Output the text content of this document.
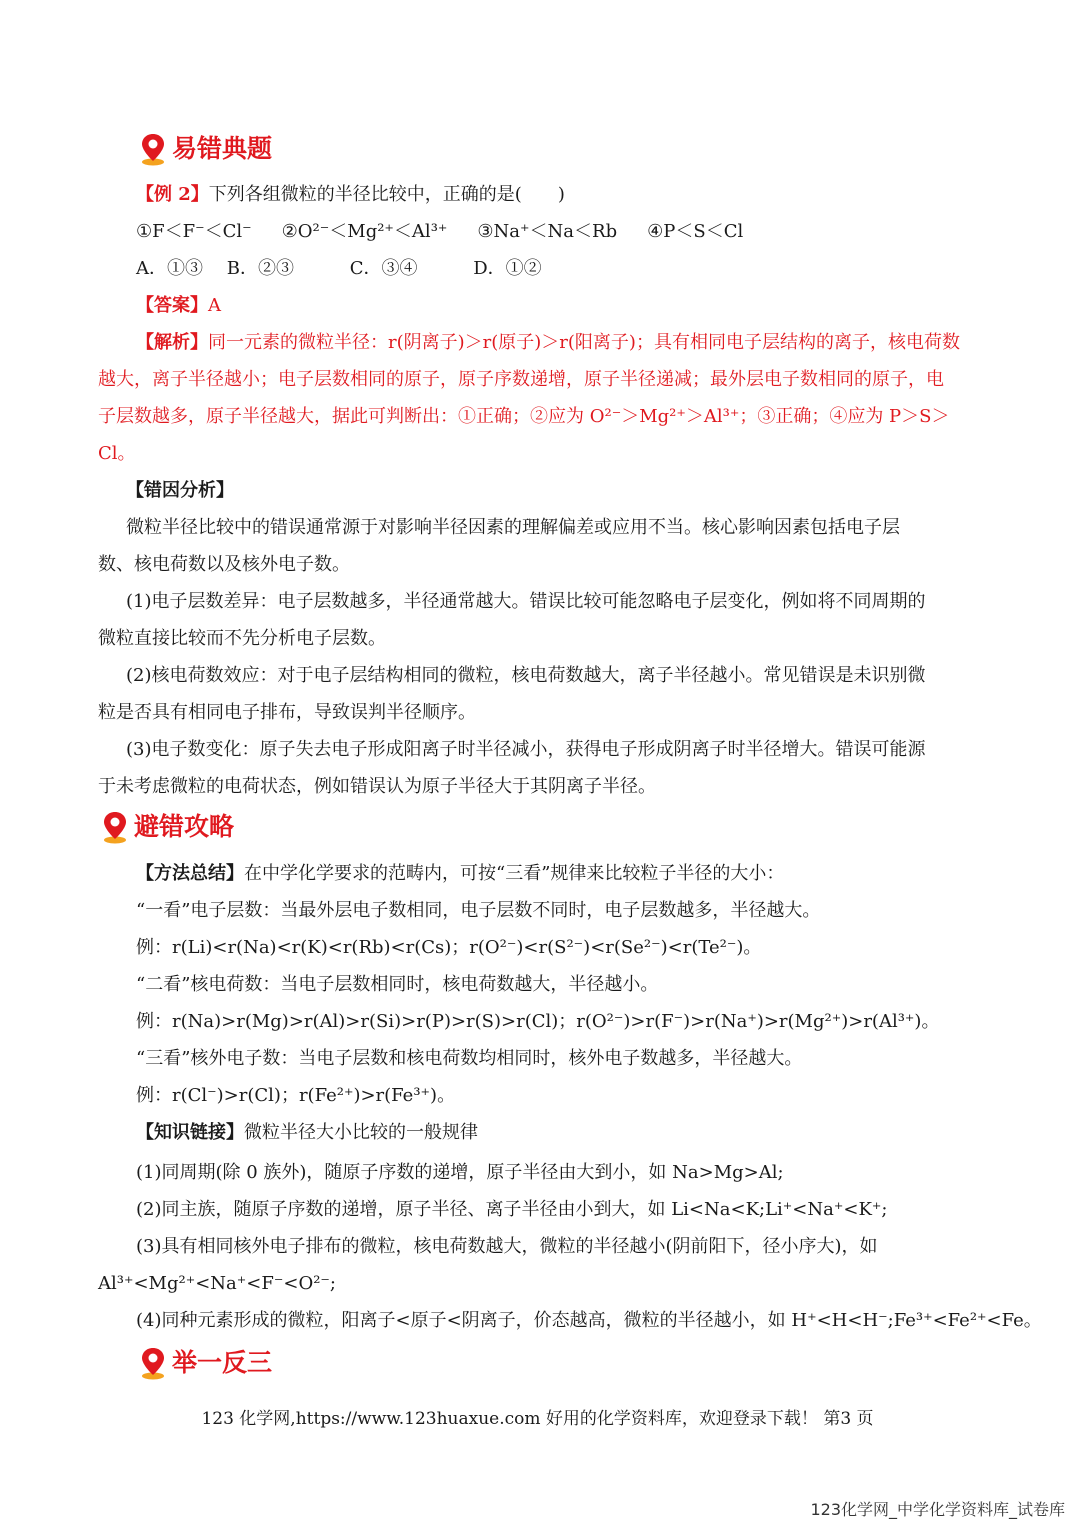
易错典题
【例 2】下列各组微粒的半径比较中，正确的是(　　)
①F＜F⁻＜Cl⁻ ②O²⁻＜Mg²⁺＜Al³⁺ ③Na⁺＜Na＜Rb ④P＜S＜Cl
A．①③ B．②③	C．③④	D．①②
【答案】A
【解析】同一元素的微粒半径：r(阴离子)＞r(原子)＞r(阳离子)；具有相同电子层结构的离子，核电荷数
越大，离子半径越小；电子层数相同的原子，原子序数递增，原子半径递减；最外层电子数相同的原子，电
子层数越多，原子半径越大，据此可判断出：①正确；②应为 O²⁻＞Mg²⁺＞Al³⁺；③正确；④应为 P＞S＞
Cl。
【错因分析】
微粒半径比较中的错误通常源于对影响半径因素的理解偏差或应用不当。核心影响因素包括电子层
数、核电荷数以及核外电子数。
(1)电子层数差异：电子层数越多，半径通常越大。错误比较可能忽略电子层变化，例如将不同周期的
微粒直接比较而不先分析电子层数。
(2)核电荷数效应：对于电子层结构相同的微粒，核电荷数越大，离子半径越小。常见错误是未识别微
粒是否具有相同电子排布，导致误判半径顺序。
(3)电子数变化：原子失去电子形成阳离子时半径减小，获得电子形成阴离子时半径增大。错误可能源
于未考虑微粒的电荷状态，例如错误认为原子半径大于其阴离子半径。
避错攻略
【方法总结】在中学化学要求的范畴内，可按“三看”规律来比较粒子半径的大小：
“一看”电子层数：当最外层电子数相同，电子层数不同时，电子层数越多，半径越大。
例：r(Li)<r(Na)<r(K)<r(Rb)<r(Cs)；r(O²⁻)<r(S²⁻)<r(Se²⁻)<r(Te²⁻)。
“二看”核电荷数：当电子层数相同时，核电荷数越大，半径越小。
例：r(Na)>r(Mg)>r(Al)>r(Si)>r(P)>r(S)>r(Cl)；r(O²⁻)>r(F⁻)>r(Na⁺)>r(Mg²⁺)>r(Al³⁺)。
“三看”核外电子数：当电子层数和核电荷数均相同时，核外电子数越多，半径越大。
例：r(Cl⁻)>r(Cl)；r(Fe²⁺)>r(Fe³⁺)。
【知识链接】微粒半径大小比较的一般规律
(1)同周期(除 0 族外)，随原子序数的递增，原子半径由大到小，如 Na>Mg>Al;
(2)同主族，随原子序数的递增，原子半径、离子半径由小到大，如 Li<Na<K;Li⁺<Na⁺<K⁺;
(3)具有相同核外电子排布的微粒，核电荷数越大，微粒的半径越小(阴前阳下，径小序大)，如
Al³⁺<Mg²⁺<Na⁺<F⁻<O²⁻;
(4)同种元素形成的微粒，阳离子<原子<阴离子，价态越高，微粒的半径越小，如 H⁺<H<H⁻;Fe³⁺<Fe²⁺<Fe。
举一反三
123 化学网,https://www.123huaxue.com 好用的化学资料库，欢迎登录下载！ 第3 页
123化学网_中学化学资料库_试卷库
